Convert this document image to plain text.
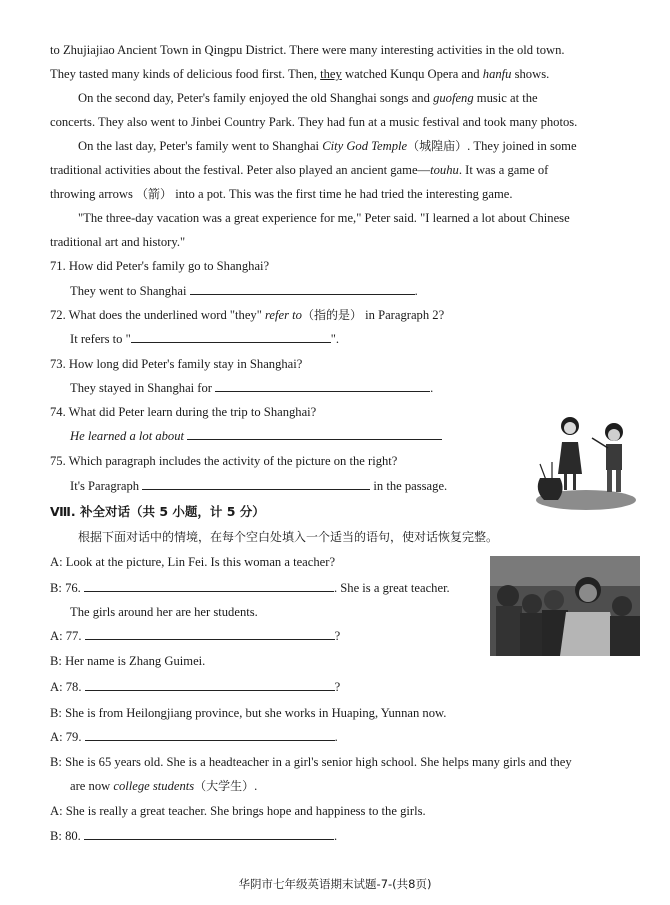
to Zhujiajiao Ancient Town in Qingpu District. There were many interesting activities in the old town.
They tasted many kinds of delicious food first. Then, they watched Kunqu Opera and hanfu shows.
On the second day, Peter's family enjoyed the old Shanghai songs and guofeng music at the
concerts. They also went to Jinbei Country Park. They had fun at a music festival and took many photos.
On the last day, Peter's family went to Shanghai City God Temple（城隍庙）. They joined in some
traditional activities about the festival. Peter also played an ancient game—touhu. It was a game of
throwing arrows （箭） into a pot. This was the first time he had tried the interesting game.
"The three-day vacation was a great experience for me," Peter said. "I learned a lot about Chinese
traditional art and history."
71. How did Peter's family go to Shanghai?
They went to Shanghai	.
72. What does the underlined word "they" refer to（指的是） in Paragraph 2?
It refers to "	".
73. How long did Peter's family stay in Shanghai?
They stayed in Shanghai for	.
74. What did Peter learn during the trip to Shanghai?
He learned a lot about
75. Which paragraph includes the activity of the picture on the right?
It's Paragraph	in the passage.
Ⅷ. 补全对话（共 5 小题，计 5 分）
根据下面对话中的情境，在每个空白处填入一个适当的语句，使对话恢复完整。
A: Look at the picture, Lin Fei. Is this woman a teacher?
B: 76.	. She is a great teacher.
The girls around her are her students.
A: 77.	?
B: Her name is Zhang Guimei.
A: 78.	?
B: She is from Heilongjiang province, but she works in Huaping, Yunnan now.
A: 79.	.
B: She is 65 years old. She is a headteacher in a girl's senior high school. She helps many girls and they
are now college students（大学生）.
A: She is really a great teacher. She brings hope and happiness to the girls.
B: 80.	.
华阴市七年级英语期末试题-7-(共8页)
